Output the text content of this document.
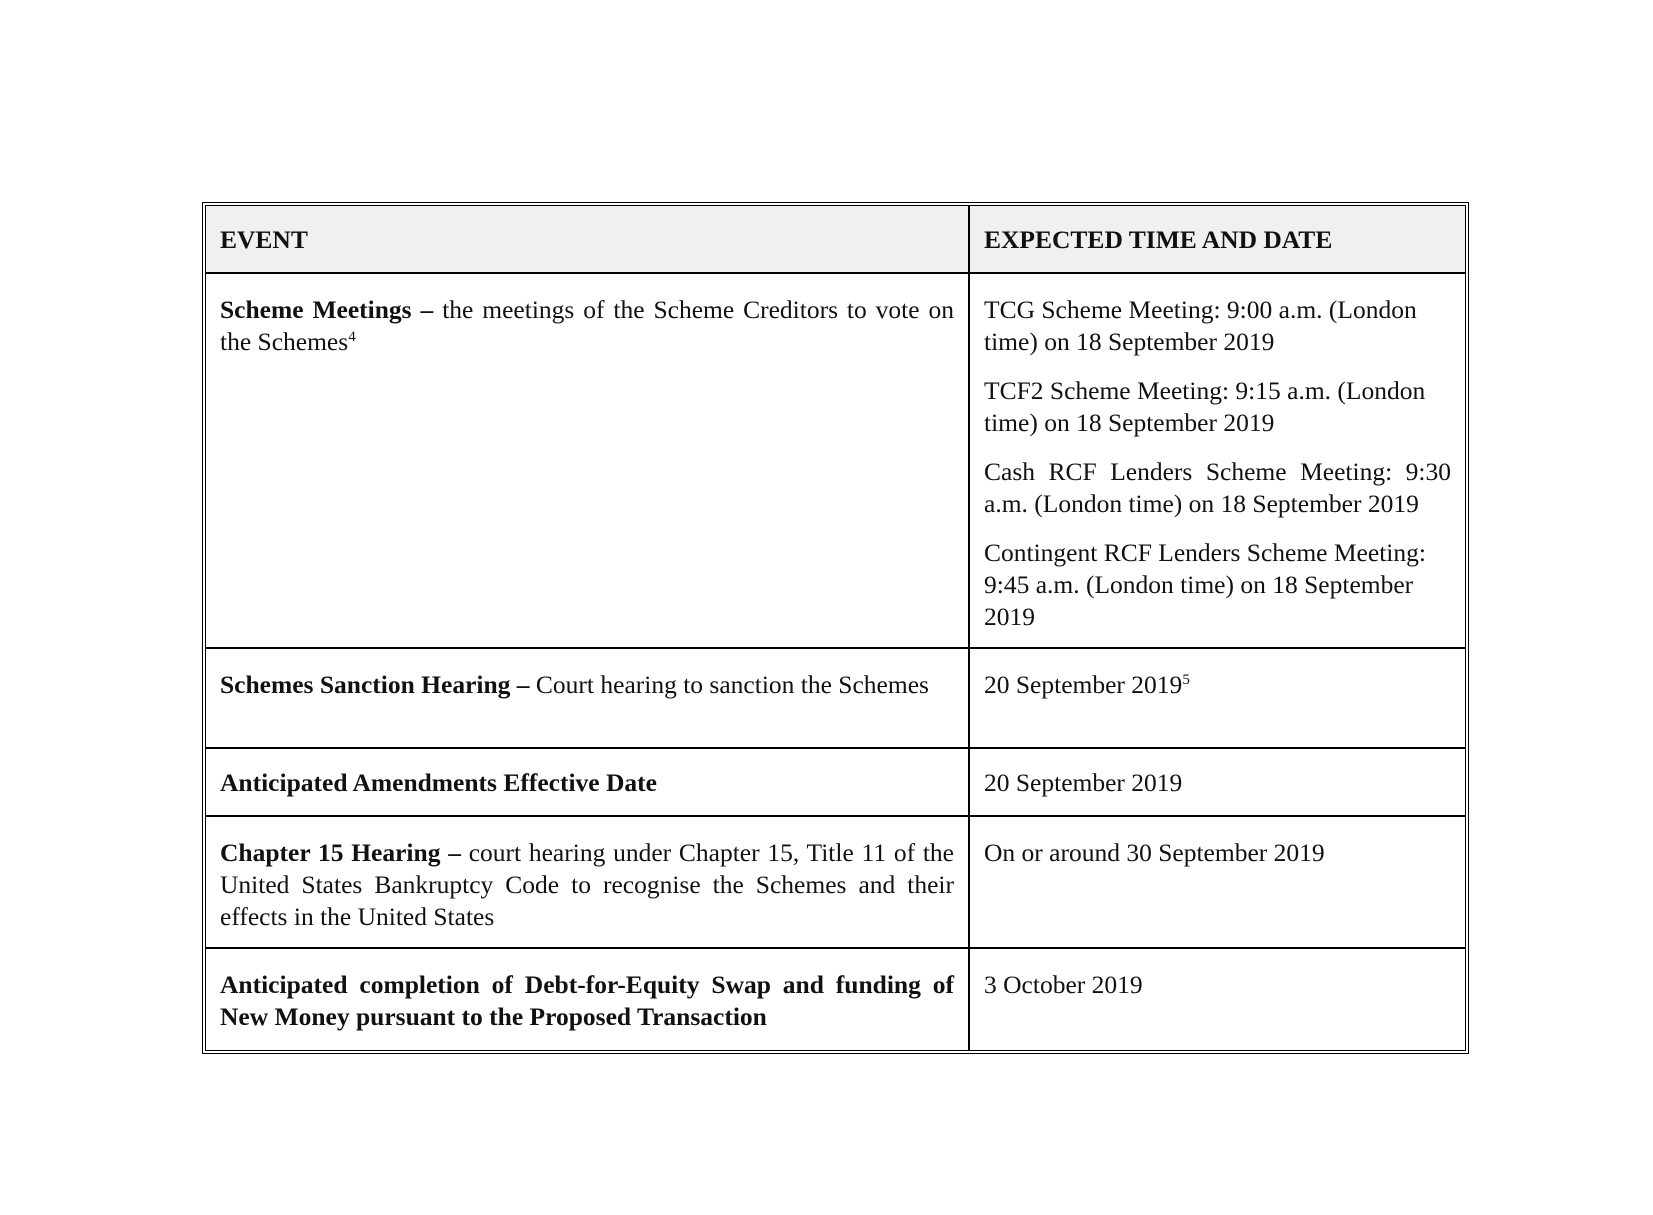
EVENT	EXPECTED TIME AND DATE
Scheme Meetings – the meetings of the Scheme Creditors to vote on the Schemes$^4$	TCG Scheme Meeting: 9:00 a.m. (London time) on 18 September 2019

TCF2 Scheme Meeting: 9:15 a.m. (London time) on 18 September 2019

Cash RCF Lenders Scheme Meeting: 9:30 a.m. (London time) on 18 September 2019

Contingent RCF Lenders Scheme Meeting: 9:45 a.m. (London time) on 18 September 2019

Schemes Sanction Hearing – Court hearing to sanction the Schemes	20 September 2019$^5$
Anticipated Amendments Effective Date	20 September 2019
Chapter 15 Hearing – court hearing under Chapter 15, Title 11 of the United States Bankruptcy Code to recognise the Schemes and their effects in the United States	On or around 30 September 2019
Anticipated completion of Debt-for-Equity Swap and funding of New Money pursuant to the Proposed Transaction	3 October 2019
